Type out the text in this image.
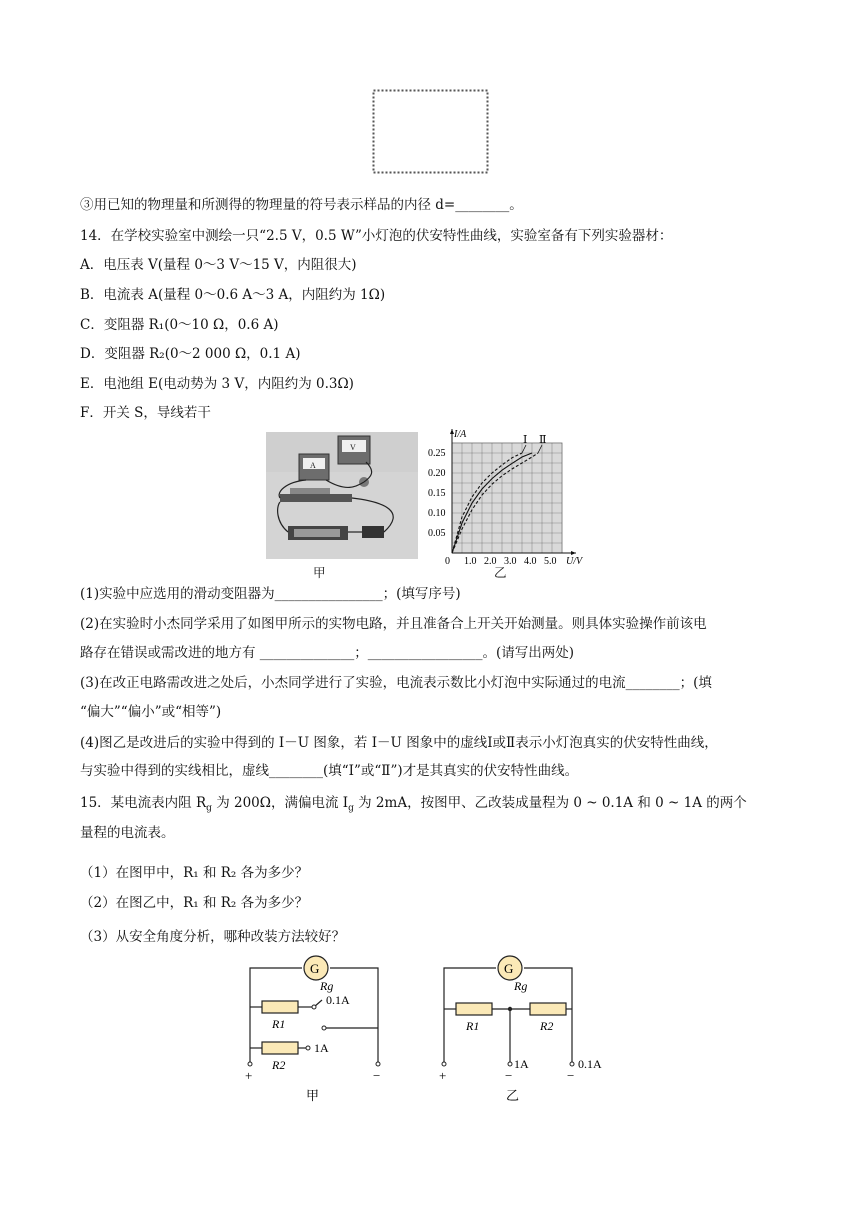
③用已知的物理量和所测得的物理量的符号表示样品的内径 d=________。
14．在学校实验室中测绘一只“2.5 V，0.5 W”小灯泡的伏安特性曲线，实验室备有下列实验器材：
A．电压表 V(量程 0～3 V～15 V，内阻很大)
B．电流表 A(量程 0～0.6 A～3 A，内阻约为 1Ω)
C．变阻器 R₁(0～10 Ω，0.6 A)
D．变阻器 R₂(0～2 000 Ω，0.1 A)
E．电池组 E(电动势为 3 V，内阻约为 0.3Ω)
F．开关 S，导线若干
A
V
甲
1.0 2.0 3.0 4.0 5.0
0.05
0.10
0.15
0.20
0.25
0	U/V
I/A	Ⅰ Ⅱ
乙
(1)实验中应选用的滑动变阻器为________________；(填写序号)
(2)在实验时小杰同学采用了如图甲所示的实物电路，并且准备合上开关开始测量。则具体实验操作前该电
路存在错误或需改进的地方有 ______________；_________________。(请写出两处)
(3)在改正电路需改进之处后，小杰同学进行了实验，电流表示数比小灯泡中实际通过的电流________；(填
“偏大”“偏小”或“相等”)
(4)图乙是改进后的实验中得到的 I－U 图象，若 I－U 图象中的虚线Ⅰ或Ⅱ表示小灯泡真实的伏安特性曲线，
与实验中得到的实线相比，虚线________(填“Ⅰ”或“Ⅱ”)才是其真实的伏安特性曲线。
15．某电流表内阻 $R_g$ 为 200Ω，满偏电流 $I_g$ 为 2mA，按图甲、乙改装成量程为 0 ~ 0.1A 和 0 ~ 1A 的两个
量程的电流表。
（1）在图甲中，R₁ 和 R₂ 各为多少？
（2）在图乙中，R₁ 和 R₂ 各为多少？
（3）从安全角度分析，哪种改装方法较好？
G
Rg
R1
0.1A
R2
1A
+	−
甲
G
Rg
R1	R2
1A	0.1A
+	−	−
乙
